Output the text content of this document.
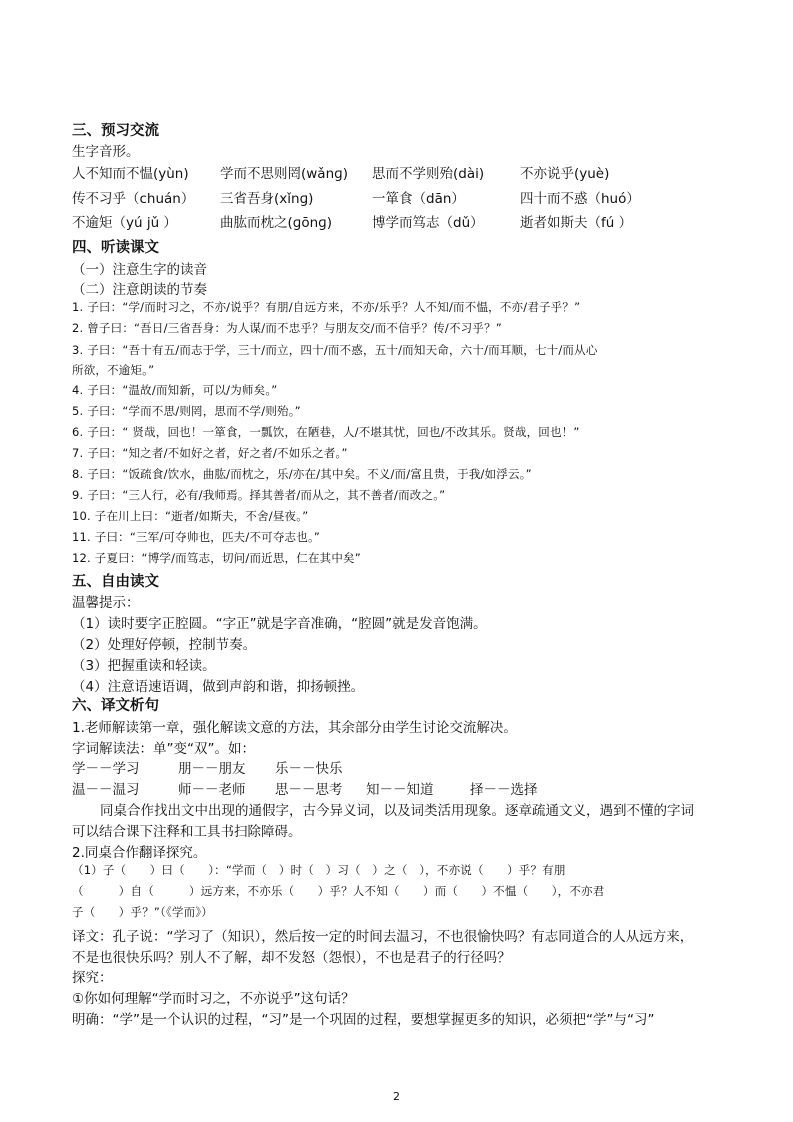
三、预习交流
生字音形。
人不知而不愠(yùn) 学而不思则罔(wǎnɡ) 思而不学则殆(dài)	不亦说乎(yuè)
传不习乎（chuán） 三省吾身(xǐnɡ)	一箪食（dān）	四十而不惑（huó）
不逾矩（yú jǔ ）	曲肱而枕之(ɡōnɡ)	博学而笃志（dǔ）	逝者如斯夫（fú ）
四、听读课文
（一）注意生字的读音
（二）注意朗读的节奏
1. 子曰：“学/而时习之，不亦/说乎？有朋/自远方来，不亦/乐乎？人不知/而不愠，不亦/君子乎？”
2. 曾子曰：“吾日/三省吾身：为人谋/而不忠乎？与朋友交/而不信乎？传/不习乎？”
3. 子曰：“吾十有五/而志于学，三十/而立，四十/而不惑，五十/而知天命，六十/而耳顺，七十/而从心
所欲，不逾矩。”
4. 子曰：“温故/而知新，可以/为师矣。”
5. 子曰：“学而不思/则罔，思而不学/则殆。”
6. 子曰：“ 贤哉，回也！一箪食，一瓢饮，在陋巷，人/不堪其忧，回也/不改其乐。贤哉，回也！”
7. 子曰：“知之者/不如好之者，好之者/不如乐之者。”
8. 子曰：“饭疏食/饮水，曲肱/而枕之，乐/亦在/其中矣。不义/而/富且贵，于我/如浮云。”
9. 子曰：“三人行，必有/我师焉。择其善者/而从之，其不善者/而改之。”
10. 子在川上曰：“逝者/如斯夫，不舍/昼夜。”
11. 子曰：“三军/可夺帅也，匹夫/不可夺志也。”
12. 子夏曰：“博学/而笃志，切问/而近思，仁在其中矣”
五、自由读文
温馨提示：
（1）读时要字正腔圆。“字正”就是字音准确，“腔圆”就是发音饱满。
（2）处理好停顿，控制节奏。
（3）把握重读和轻读。
（4）注意语速语调，做到声韵和谐，抑扬顿挫。
六、译文析句
1.老师解读第一章，强化解读文意的方法，其余部分由学生讨论交流解决。
字词解读法：单”变“双”。如：
学－－学习	朋－－朋友 乐－－快乐
温－－温习	师－－老师 思－－思考 知－－知道	择－－选择
同桌合作找出文中出现的通假字，古今异义词，以及词类活用现象。逐章疏通文义，遇到不懂的字词
可以结合课下注释和工具书扫除障碍。
2.同桌合作翻译探究。
（1）子（　　）曰（　　）：“学而（　）时（　）习（　）之（　），不亦说（　　）乎？有朋
（　　　）自（　　　）远方来，不亦乐（　　）乎？人不知（　　）而（　　）不愠（　　），不亦君
子（　　）乎？”（《学而》）
译文：孔子说：“学习了（知识），然后按一定的时间去温习，不也很愉快吗？有志同道合的人从远方来，
不是也很快乐吗？别人不了解，却不发怒（怨恨），不也是君子的行径吗？
探究：
①你如何理解“学而时习之，不亦说乎”这句话？
明确：“学”是一个认识的过程，“习”是一个巩固的过程，要想掌握更多的知识，必须把“学”与“习”
2
